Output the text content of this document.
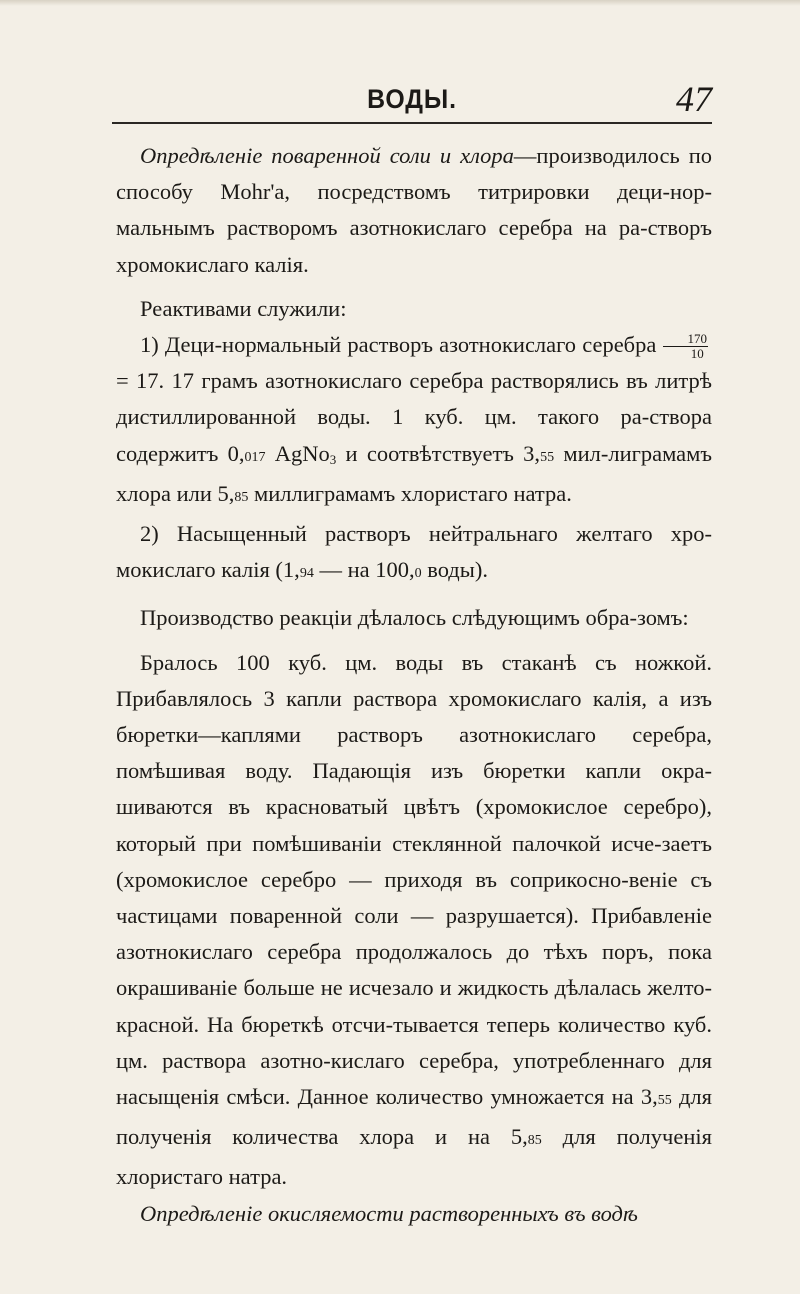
ВОДЫ.	47

Опредѣленіе поваренной соли и хлора—производилось по способу Mohr'а, посредствомъ титрировки деци-нор-мальнымъ растворомъ азотнокислаго серебра на ра-створъ хромокислаго калія.

Реактивами служили:

1) Деци-нормальный растворъ азотнокислаго серебра $\frac{170}{10}$
= 17. 17 грамъ азотнокислаго серебра растворялись въ литрѣ дистиллированной воды. 1 куб. цм. такого ра-створа содержитъ 0,017 AgNo$_3$ и соотвѣтствуетъ 3,55 мил-лиграмамъ хлора или 5,85 миллиграмамъ хлористаго натра.

2) Насыщенный растворъ нейтральнаго желтаго хро-мокислаго калія (1,94 — на 100,0 воды).

Производство реакціи дѣлалось слѣдующимъ обра-зомъ:

Бралось 100 куб. цм. воды въ стаканѣ съ ножкой. Прибавлялось 3 капли раствора хромокислаго калія, а изъ бюретки—каплями растворъ азотнокислаго серебра, помѣшивая воду. Падающія изъ бюретки капли окра-шиваются въ красноватый цвѣтъ (хромокислое серебро), который при помѣшиваніи стеклянной палочкой исче-заетъ (хромокислое серебро — приходя въ соприкосно-веніе съ частицами поваренной соли — разрушается). Прибавленіе азотнокислаго серебра продолжалось до тѣхъ поръ, пока окрашиваніе больше не исчезало и жидкость дѣлалась желто-красной. На бюреткѣ отсчи-тывается теперь количество куб. цм. раствора азотно-кислаго серебра, употребленнаго для насыщенія смѣси. Данное количество умножается на 3,55 для полученія количества хлора и на 5,85 для полученія хлористаго натра.

Опредѣленіе окисляемости растворенныхъ въ водѣ
